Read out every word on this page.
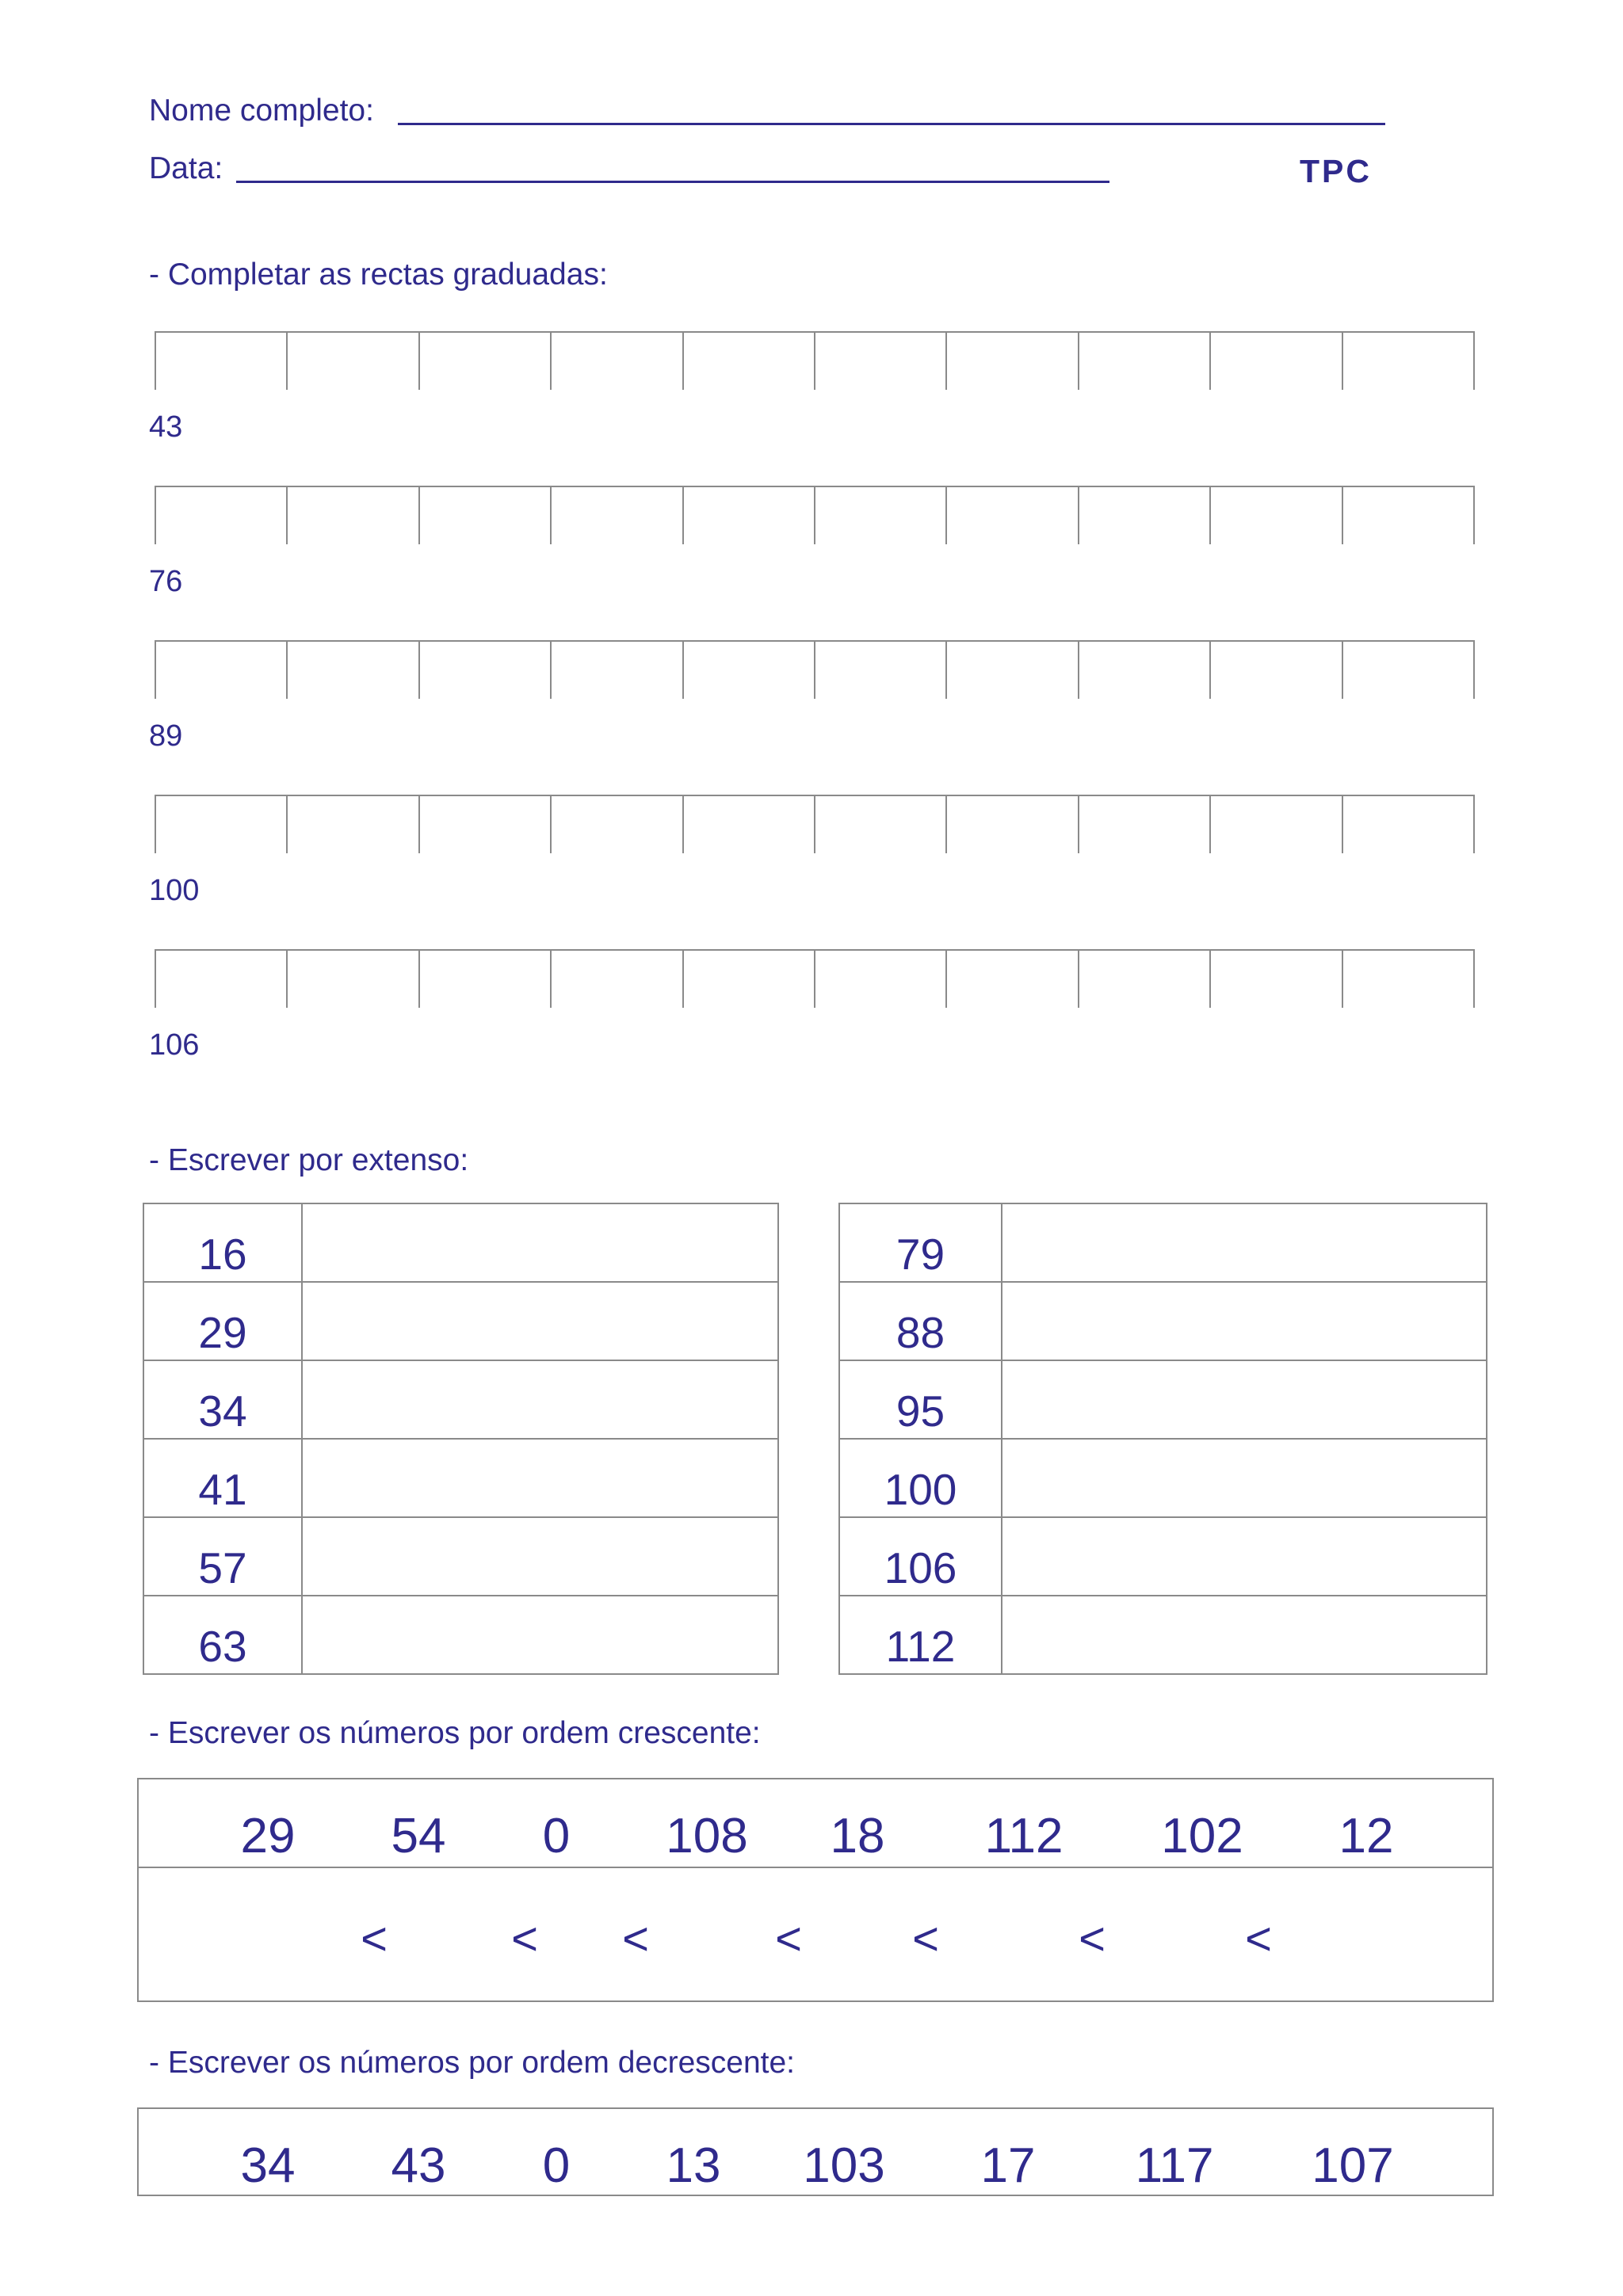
Nome completo:
Data:	TPC
- Completar as rectas graduadas:
43
76
89
100
106
- Escrever por extenso:
16	
29	
34	
41	
57	
63	
79	
88	
95	
100	
106	
112	
- Escrever os números por ordem crescente:
29 54 0 108 18 112 102 12
<	< <	< <	<	<
- Escrever os números por ordem decrescente:
34 43 0 13 103 17 117 107
